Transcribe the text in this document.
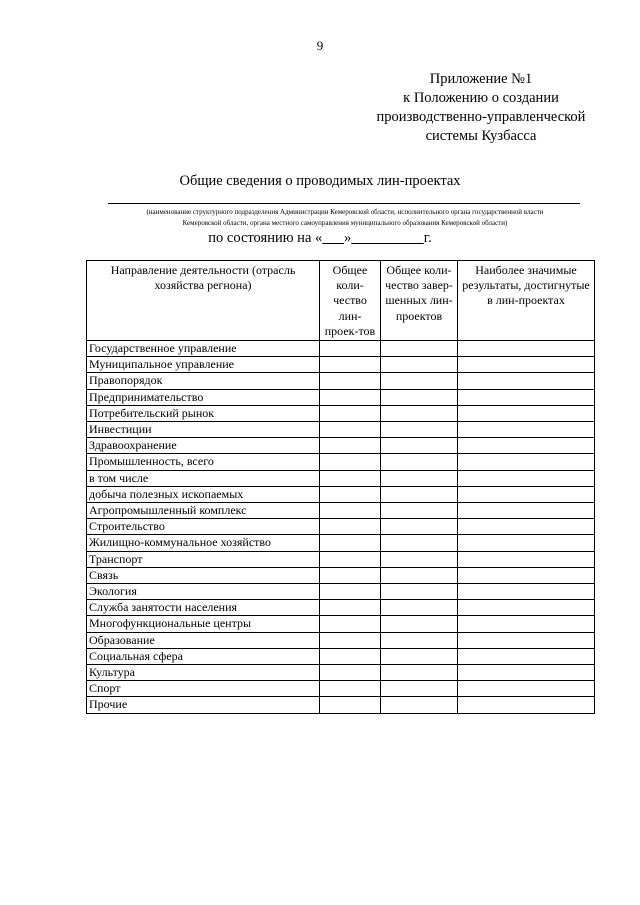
9
Приложение №1
к Положению о создании
производственно-управленческой
системы Кузбасса
Общие сведения о проводимых лин-проектах
(наименование структурного подразделения Администрации Кемеровской области, исполнительного органа государственной власти
Кемеровской области, органа местного самоуправления муниципального образования Кемеровской области)
по состоянию на « »	г.
Направление деятельности (отрасль хозяйства регнона)	Общее коли-чество лин-проек-тов	Общее коли-чество завер-шенных лин-проектов	Наиболее значимые результаты, достигнутые в лин-проектах
Государственное управление			
Муниципальное управление			
Правопорядок			
Предпринимательство			
Потребительский рынок			
Инвестиции			
Здравоохранение			
Промышленность, всего			
в том числе			
добыча полезных ископаемых			
Агропромышленный комплекс			
Строительство			
Жилищно-коммунальное хозяйство			
Транспорт			
Связь			
Экология			
Служба занятости населения			
Многофункциональные центры			
Образование			
Социальная сфера			
Культура			
Спорт			
Прочие			
